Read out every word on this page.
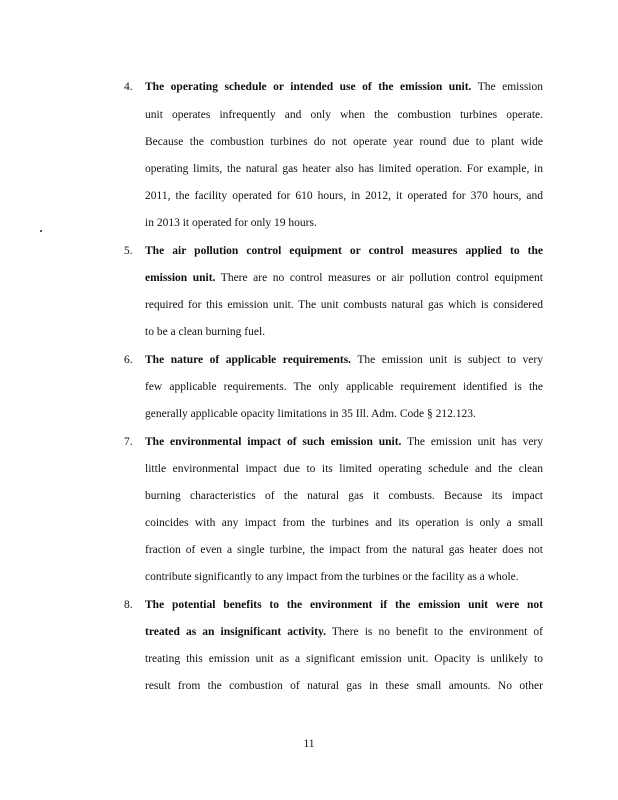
4. The operating schedule or intended use of the emission unit. The emission
unit operates infrequently and only when the combustion turbines operate.
Because the combustion turbines do not operate year round due to plant wide
operating limits, the natural gas heater also has limited operation. For example, in
2011, the facility operated for 610 hours, in 2012, it operated for 370 hours, and
in 2013 it operated for only 19 hours.
5. The air pollution control equipment or control measures applied to the
emission unit. There are no control measures or air pollution control equipment
required for this emission unit. The unit combusts natural gas which is considered
to be a clean burning fuel.
6. The nature of applicable requirements. The emission unit is subject to very
few applicable requirements. The only applicable requirement identified is the
generally applicable opacity limitations in 35 Ill. Adm. Code § 212.123.
7. The environmental impact of such emission unit. The emission unit has very
little environmental impact due to its limited operating schedule and the clean
burning characteristics of the natural gas it combusts. Because its impact
coincides with any impact from the turbines and its operation is only a small
fraction of even a single turbine, the impact from the natural gas heater does not
contribute significantly to any impact from the turbines or the facility as a whole.
8. The potential benefits to the environment if the emission unit were not
treated as an insignificant activity. There is no benefit to the environment of
treating this emission unit as a significant emission unit. Opacity is unlikely to
result from the combustion of natural gas in these small amounts. No other
11
